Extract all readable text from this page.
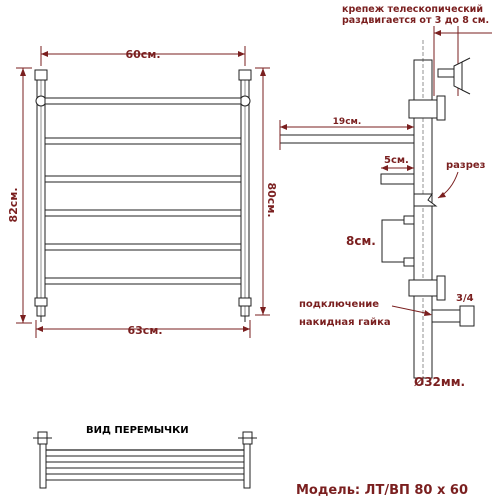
60см.
82см.	80см.
63см.
крепеж телескопический
раздвигается от 3 до 8 см.
19см.
5см.	разрез
8см.
3/4
подключение
накидная гайка
Ø32мм.
ВИД ПЕРЕМЫЧКИ
Модель: ЛТ/ВП 80 х 60
